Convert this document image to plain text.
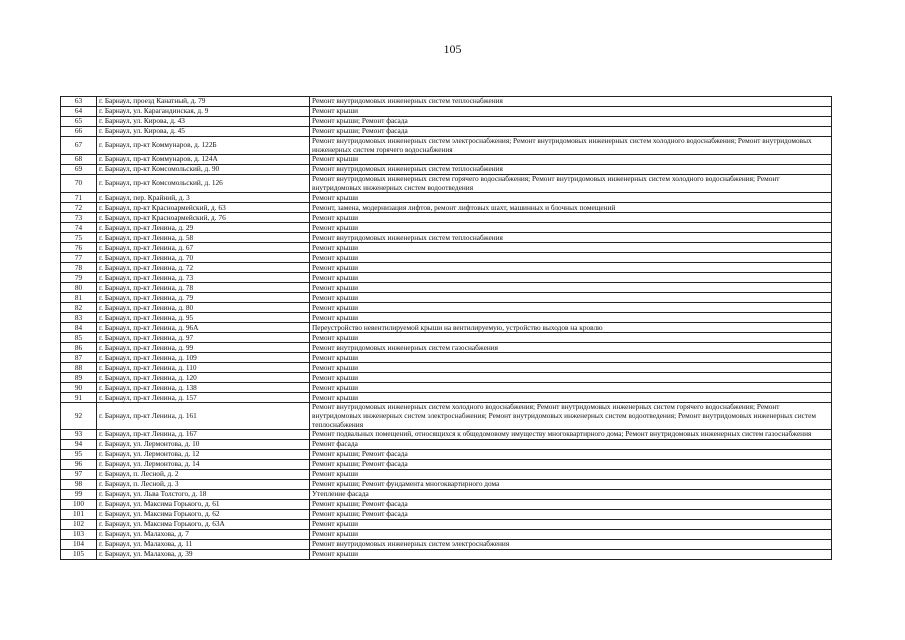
105
63	г. Барнаул, проезд Канатный, д. 79	Ремонт внутридомовых инженерных систем теплоснабжения
64	г. Барнаул, ул. Карагандинская, д. 9	Ремонт крыши
65	г. Барнаул, ул. Кирова, д. 43	Ремонт крыши; Ремонт фасада
66	г. Барнаул, ул. Кирова, д. 45	Ремонт крыши; Ремонт фасада
67	г. Барнаул, пр-кт Коммунаров, д. 122Б	Ремонт внутридомовых инженерных систем электроснабжения; Ремонт внутридомовых инженерных систем холодного водоснабжения; Ремонт внутридомовых инженерных систем горячего водоснабжения
68	г. Барнаул, пр-кт Коммунаров, д. 124А	Ремонт крыши
69	г. Барнаул, пр-кт Комсомольский, д. 90	Ремонт внутридомовых инженерных систем теплоснабжения
70	г. Барнаул, пр-кт Комсомольский, д. 126	Ремонт внутридомовых инженерных систем горячего водоснабжения; Ремонт внутридомовых инженерных систем холодного водоснабжения; Ремонт внутридомовых инженерных систем водоотведения
71	г. Барнаул, пер. Крайний, д. 3	Ремонт крыши
72	г. Барнаул, пр-кт Красноармейский, д. 63	Ремонт, замена, модернизация лифтов, ремонт лифтовых шахт, машинных и блочных помещений
73	г. Барнаул, пр-кт Красноармейский, д. 76	Ремонт крыши
74	г. Барнаул, пр-кт Ленина, д. 29	Ремонт крыши
75	г. Барнаул, пр-кт Ленина, д. 58	Ремонт внутридомовых инженерных систем теплоснабжения
76	г. Барнаул, пр-кт Ленина, д. 67	Ремонт крыши
77	г. Барнаул, пр-кт Ленина, д. 70	Ремонт крыши
78	г. Барнаул, пр-кт Ленина, д. 72	Ремонт крыши
79	г. Барнаул, пр-кт Ленина, д. 73	Ремонт крыши
80	г. Барнаул, пр-кт Ленина, д. 78	Ремонт крыши
81	г. Барнаул, пр-кт Ленина, д. 79	Ремонт крыши
82	г. Барнаул, пр-кт Ленина, д. 80	Ремонт крыши
83	г. Барнаул, пр-кт Ленина, д. 95	Ремонт крыши
84	г. Барнаул, пр-кт Ленина, д. 96А	Переустройство невентилируемой крыши на вентилируемую, устройство выходов на кровлю
85	г. Барнаул, пр-кт Ленина, д. 97	Ремонт крыши
86	г. Барнаул, пр-кт Ленина, д. 99	Ремонт внутридомовых инженерных систем газоснабжения
87	г. Барнаул, пр-кт Ленина, д. 109	Ремонт крыши
88	г. Барнаул, пр-кт Ленина, д. 110	Ремонт крыши
89	г. Барнаул, пр-кт Ленина, д. 120	Ремонт крыши
90	г. Барнаул, пр-кт Ленина, д. 138	Ремонт крыши
91	г. Барнаул, пр-кт Ленина, д. 157	Ремонт крыши
92	г. Барнаул, пр-кт Ленина, д. 161	Ремонт внутридомовых инженерных систем холодного водоснабжения; Ремонт внутридомовых инженерных систем горячего водоснабжения; Ремонт внутридомовых инженерных систем электроснабжения; Ремонт внутридомовых инженерных систем водоотведения; Ремонт внутридомовых инженерных систем теплоснабжения
93	г. Барнаул, пр-кт Ленина, д. 167	Ремонт подвальных помещений, относящихся к общедомовому имуществу многоквартирного дома; Ремонт внутридомовых инженерных систем газоснабжения
94	г. Барнаул, ул. Лермонтова, д. 10	Ремонт фасада
95	г. Барнаул, ул. Лермонтова, д. 12	Ремонт крыши; Ремонт фасада
96	г. Барнаул, ул. Лермонтова, д. 14	Ремонт крыши; Ремонт фасада
97	г. Барнаул, п. Лесной, д. 2	Ремонт крыши
98	г. Барнаул, п. Лесной, д. 3	Ремонт крыши; Ремонт фундамента многоквартирного дома
99	г. Барнаул, ул. Льва Толстого, д. 18	Утепление фасада
100	г. Барнаул, ул. Максима Горького, д. 61	Ремонт крыши; Ремонт фасада
101	г. Барнаул, ул. Максима Горького, д. 62	Ремонт крыши; Ремонт фасада
102	г. Барнаул, ул. Максима Горького, д. 63А	Ремонт крыши
103	г. Барнаул, ул. Малахова, д. 7	Ремонт крыши
104	г. Барнаул, ул. Малахова, д. 11	Ремонт внутридомовых инженерных систем электроснабжения
105	г. Барнаул, ул. Малахова, д. 39	Ремонт крыши
